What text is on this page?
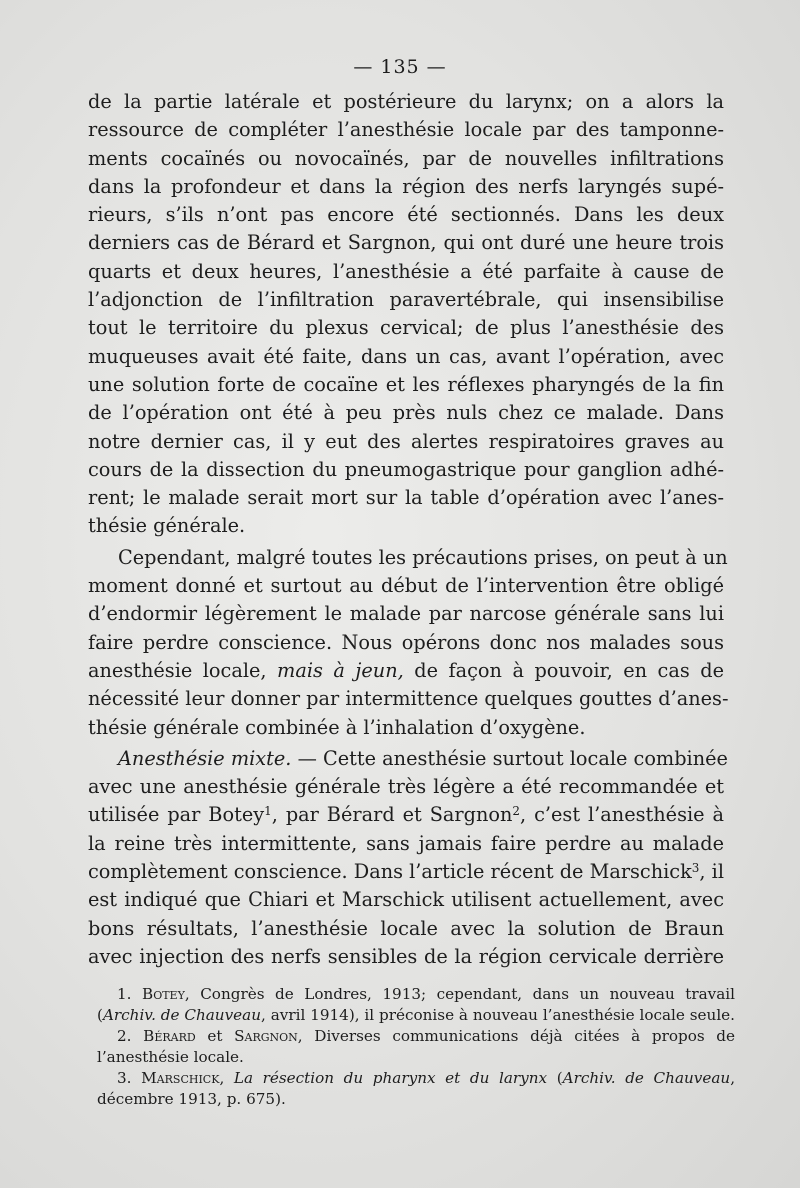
— 135 —
de la partie latérale et postérieure du larynx; on a alors la
ressource de compléter l’anesthésie locale par des tamponne-
ments cocaïnés ou novocaïnés, par de nouvelles infiltrations
dans la profondeur et dans la région des nerfs laryngés supé-
rieurs, s’ils n’ont pas encore été sectionnés. Dans les deux
derniers cas de Bérard et Sargnon, qui ont duré une heure trois
quarts et deux heures, l’anesthésie a été parfaite à cause de
l’adjonction de l’infiltration paravertébrale, qui insensibilise
tout le territoire du plexus cervical; de plus l’anesthésie des
muqueuses avait été faite, dans un cas, avant l’opération, avec
une solution forte de cocaïne et les réflexes pharyngés de la fin
de l’opération ont été à peu près nuls chez ce malade. Dans
notre dernier cas, il y eut des alertes respiratoires graves au
cours de la dissection du pneumogastrique pour ganglion adhé-
rent; le malade serait mort sur la table d’opération avec l’anes-
thésie générale.
Cependant, malgré toutes les précautions prises, on peut à un
moment donné et surtout au début de l’intervention être obligé
d’endormir légèrement le malade par narcose générale sans lui
faire perdre conscience. Nous opérons donc nos malades sous
anesthésie locale, mais à jeun, de façon à pouvoir, en cas de
nécessité leur donner par intermittence quelques gouttes d’anes-
thésie générale combinée à l’inhalation d’oxygène.
Anesthésie mixte. — Cette anesthésie surtout locale combinée
avec une anesthésie générale très légère a été recommandée et
utilisée par Botey$^1$, par Bérard et Sargnon$^2$, c’est l’anesthésie à
la reine très intermittente, sans jamais faire perdre au malade
complètement conscience. Dans l’article récent de Marschick$^3$, il
est indiqué que Chiari et Marschick utilisent actuellement, avec
bons résultats, l’anesthésie locale avec la solution de Braun
avec injection des nerfs sensibles de la région cervicale derrière
1. Botey, Congrès de Londres, 1913; cependant, dans un nouveau travail
(Archiv. de Chauveau, avril 1914), il préconise à nouveau l’anesthésie locale seule.
2. Bérard et Sargnon, Diverses communications déjà citées à propos de
l’anesthésie locale.
3. Marschick, La résection du pharynx et du larynx (Archiv. de Chauveau,
décembre 1913, p. 675).
